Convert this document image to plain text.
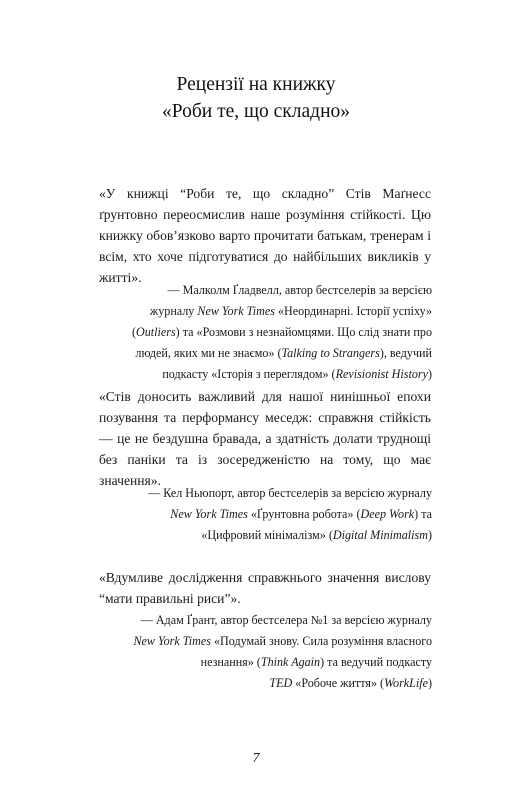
Рецензії на книжку
«Роби те, що складно»
«У книжці “Роби те, що складно” Стів Маґнесс ґрунтовно переосмислив наше розуміння стійкості. Цю книжку обов’язково варто прочитати батькам, тренерам і всім, хто хоче підготуватися до найбільших викликів у житті».
— Малколм Ґладвелл, автор бестселерів за версією
журналу New York Times «Неординарні. Історії успіху»
(Outliers) та «Розмови з незнайомцями. Що слід знати про
людей, яких ми не знаємо» (Talking to Strangers), ведучий
подкасту «Історія з переглядом» (Revisionist History)
«Стів доносить важливий для нашої нинішньої епохи позування та перформансу меседж: справжня стійкість — це не бездушна бравада, а здатність долати труднощі без паніки та із зосередженістю на тому, що має значення».
— Кел Ньюпорт, автор бестселерів за версією журналу
New York Times «Ґрунтовна робота» (Deep Work) та
«Цифровий мінімалізм» (Digital Minimalism)
«Вдумливе дослідження справжнього значення вислову “мати правильні риси”».
— Адам Ґрант, автор бестселера №1 за версією журналу
New York Times «Подумай знову. Сила розуміння власного
незнання» (Think Again) та ведучий подкасту
TED «Робоче життя» (WorkLife)
7
